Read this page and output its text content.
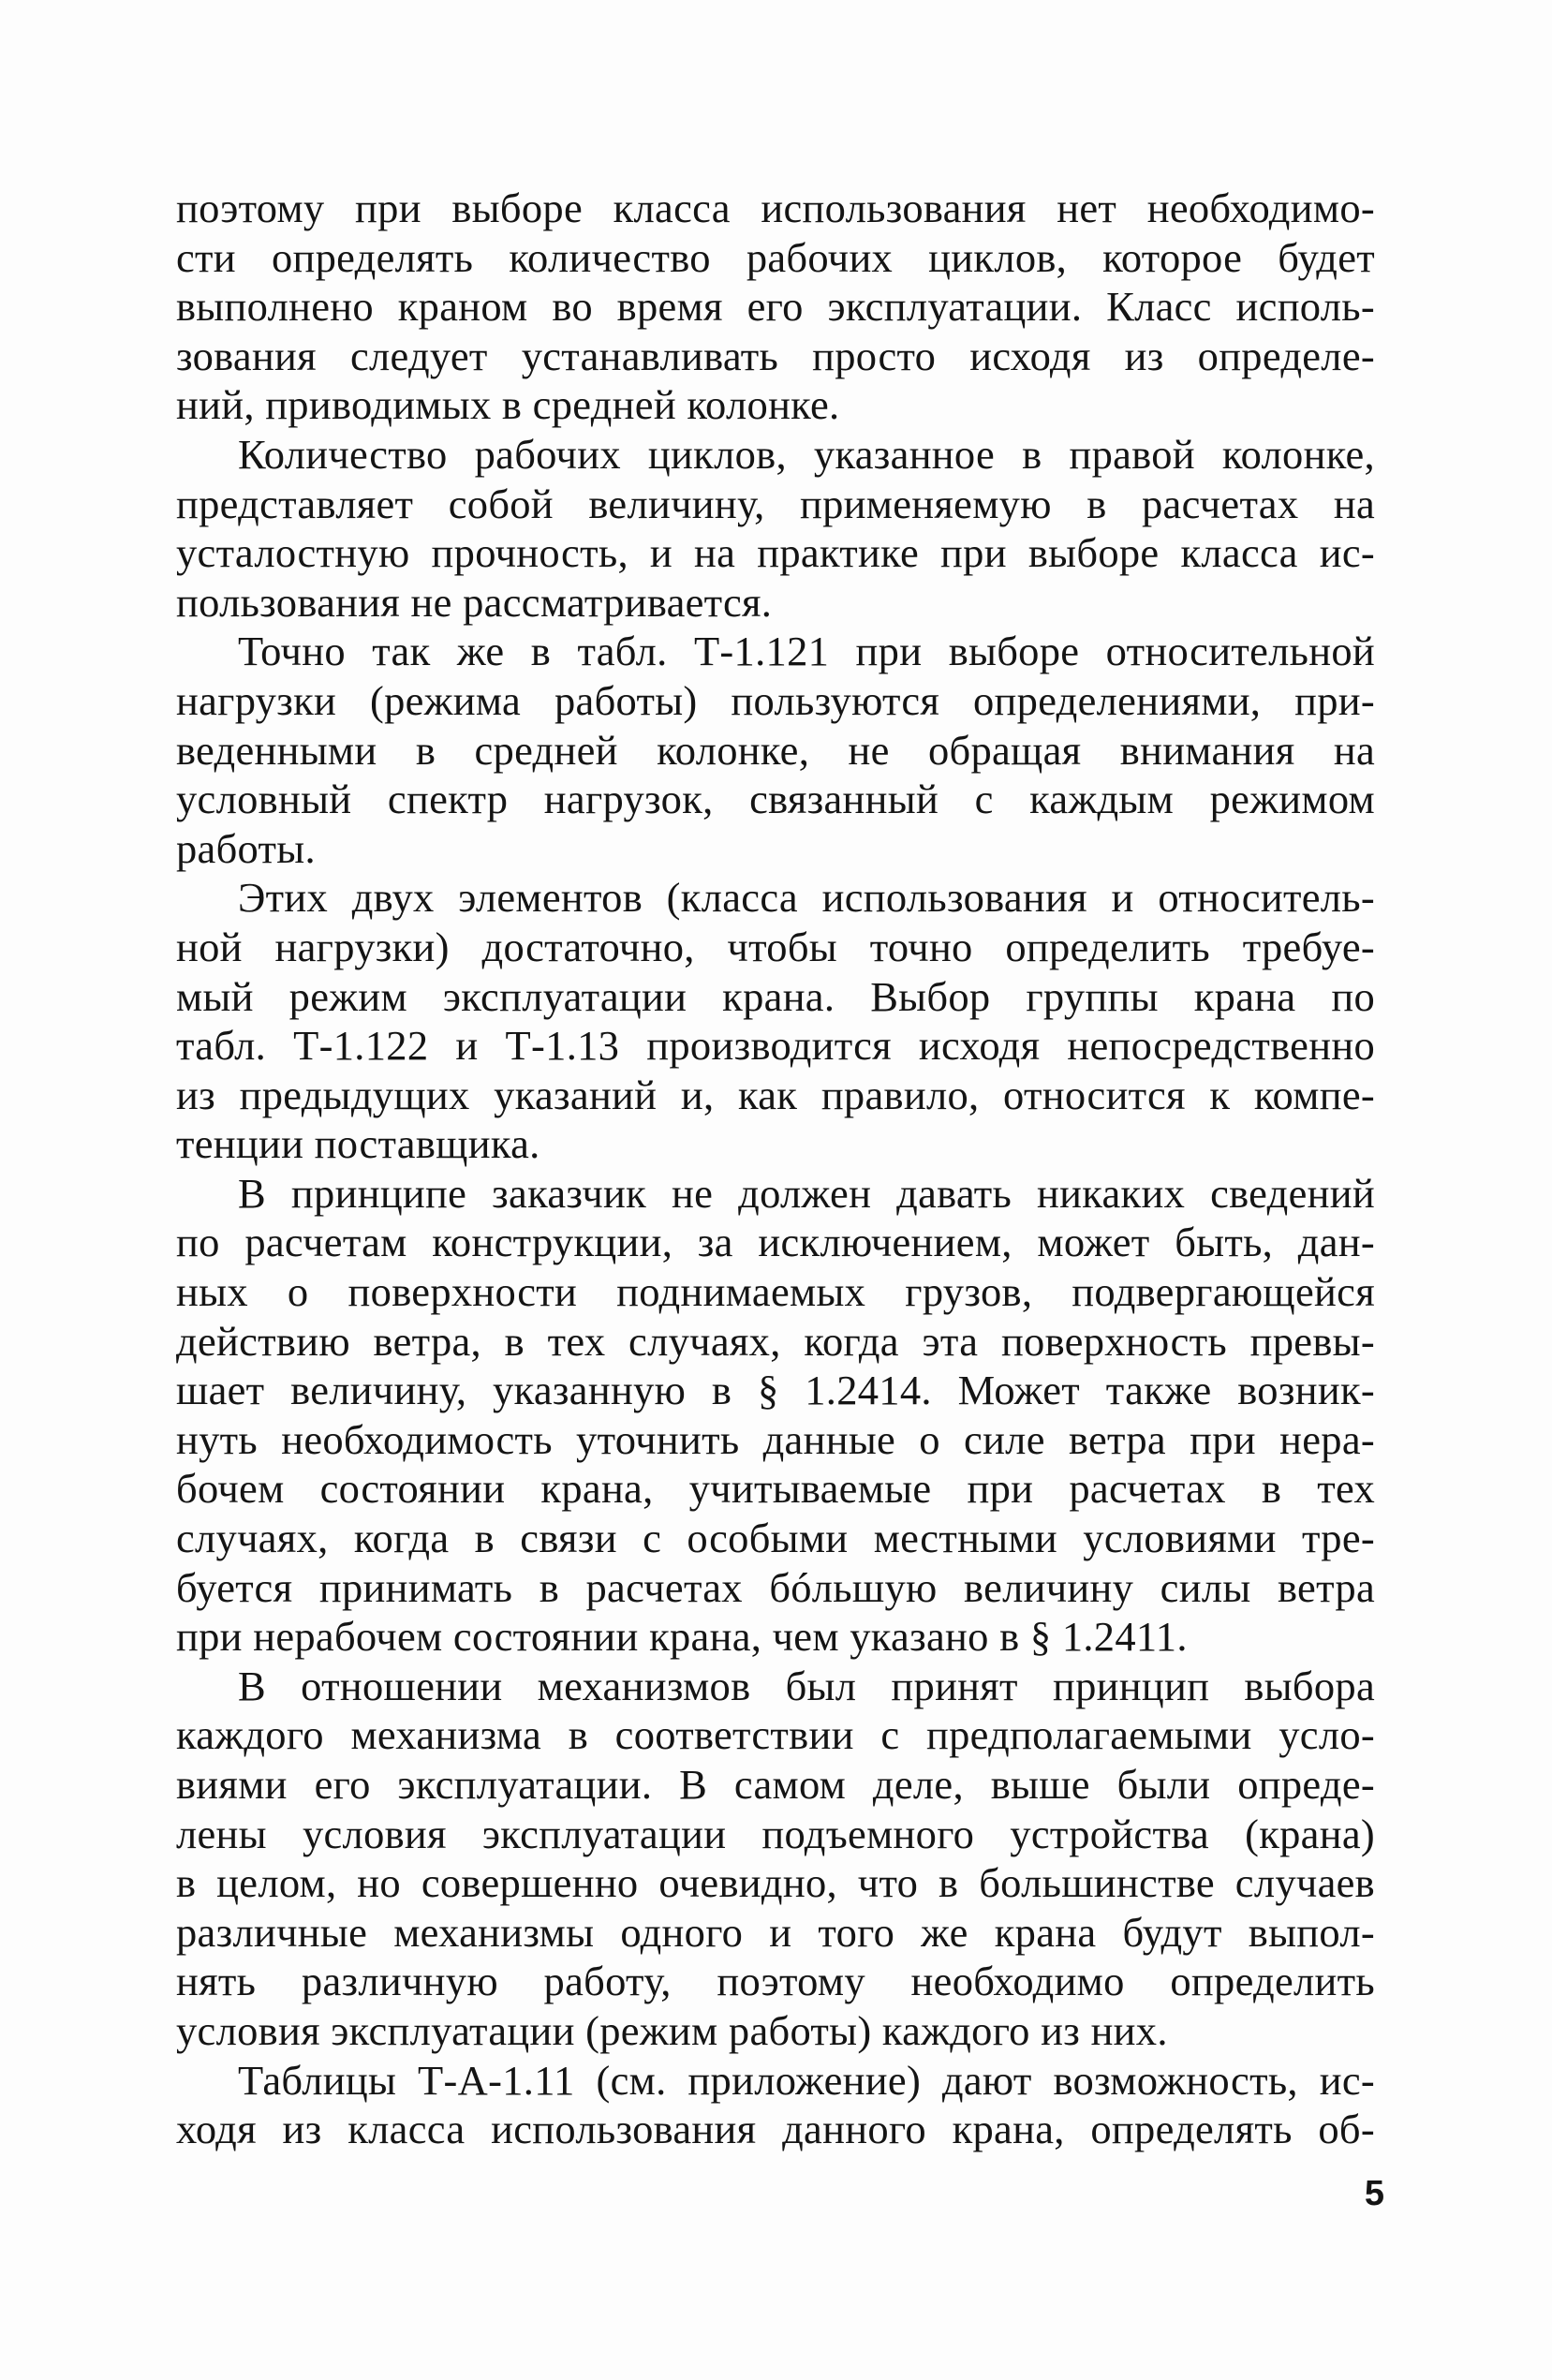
поэтому при выборе класса использования нет необходимо-
сти определять количество рабочих циклов, которое будет
выполнено краном во время его эксплуатации. Класс исполь-
зования следует устанавливать просто исходя из определе-
ний, приводимых в средней колонке.
Количество рабочих циклов, указанное в правой колонке,
представляет собой величину, применяемую в расчетах на
усталостную прочность, и на практике при выборе класса ис-
пользования не рассматривается.
Точно так же в табл. Т-1.121 при выборе относительной
нагрузки (режима работы) пользуются определениями, при-
веденными в средней колонке, не обращая внимания на
условный спектр нагрузок, связанный с каждым режимом
работы.
Этих двух элементов (класса использования и относитель-
ной нагрузки) достаточно, чтобы точно определить требуе-
мый режим эксплуатации крана. Выбор группы крана по
табл. Т-1.122 и Т-1.13 производится исходя непосредственно
из предыдущих указаний и, как правило, относится к компе-
тенции поставщика.
В принципе заказчик не должен давать никаких сведений
по расчетам конструкции, за исключением, может быть, дан-
ных о поверхности поднимаемых грузов, подвергающейся
действию ветра, в тех случаях, когда эта поверхность превы-
шает величину, указанную в § 1.2414. Может также возник-
нуть необходимость уточнить данные о силе ветра при нера-
бочем состоянии крана, учитываемые при расчетах в тех
случаях, когда в связи с особыми местными условиями тре-
буется принимать в расчетах бóльшую величину силы ветра
при нерабочем состоянии крана, чем указано в § 1.2411.
В отношении механизмов был принят принцип выбора
каждого механизма в соответствии с предполагаемыми усло-
виями его эксплуатации. В самом деле, выше были опреде-
лены условия эксплуатации подъемного устройства (крана)
в целом, но совершенно очевидно, что в большинстве случаев
различные механизмы одного и того же крана будут выпол-
нять различную работу, поэтому необходимо определить
условия эксплуатации (режим работы) каждого из них.
Таблицы Т-А-1.11 (см. приложение) дают возможность, ис-
ходя из класса использования данного крана, определять об-
5
